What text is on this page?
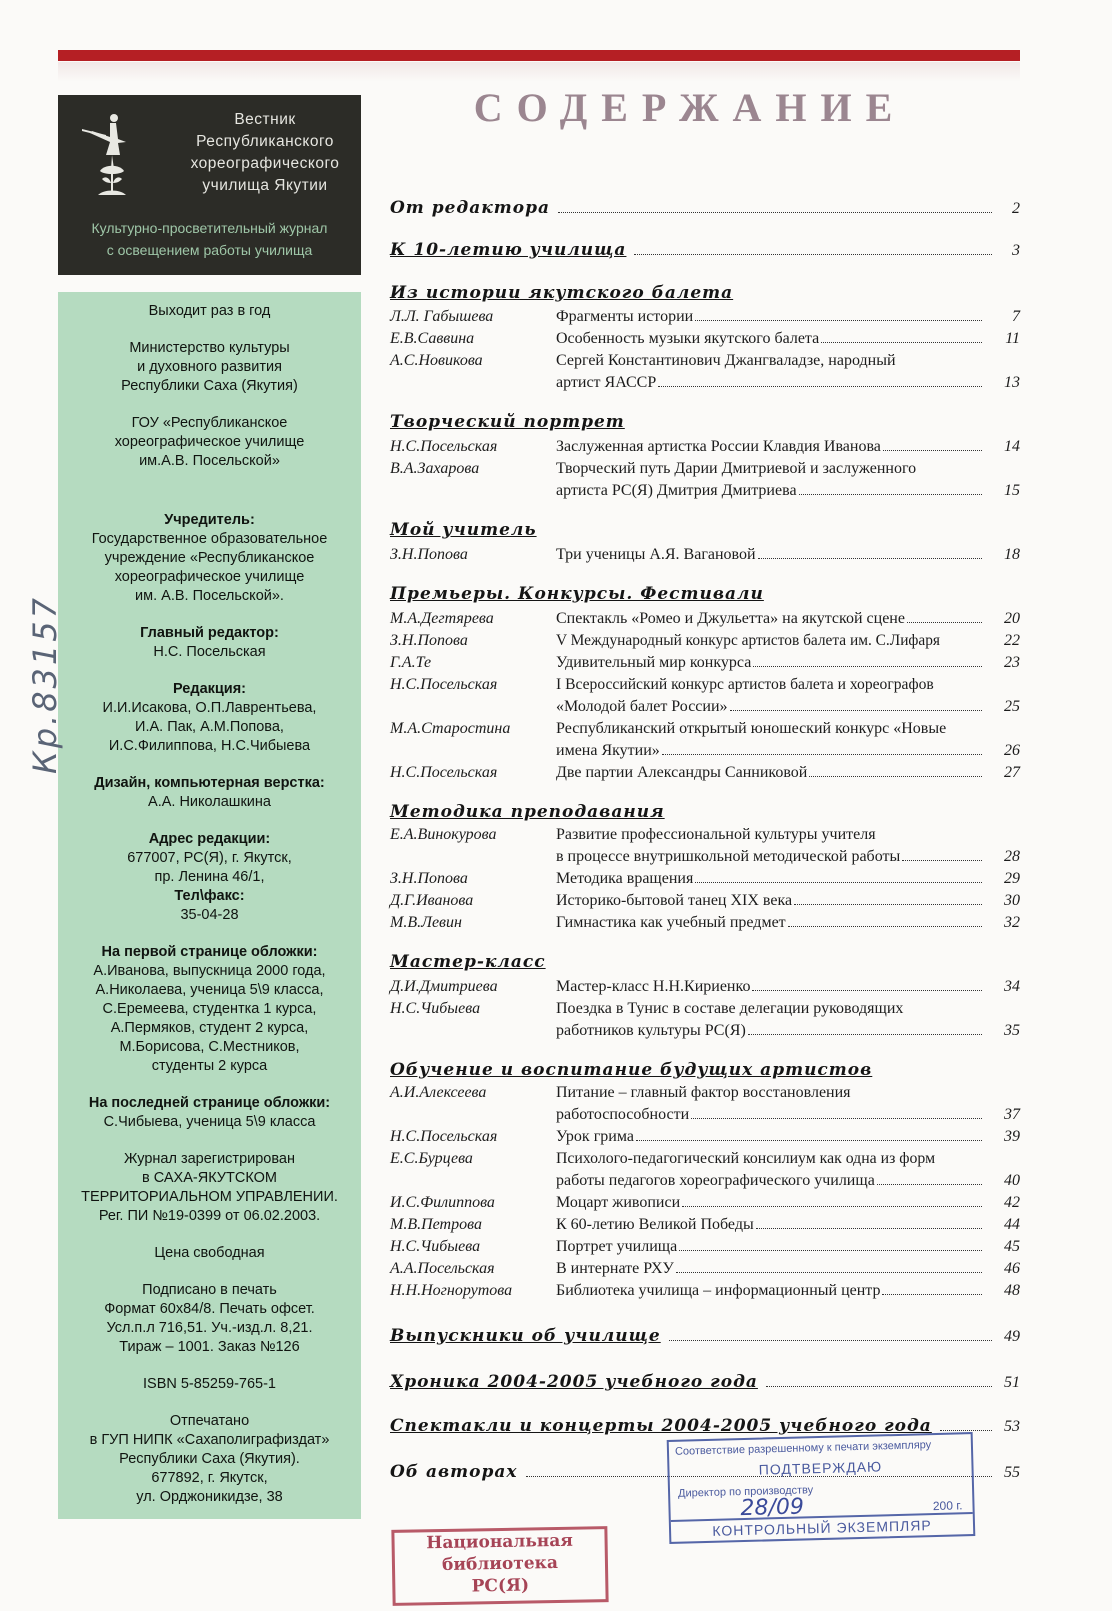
Вестник
Республиканского
хореографического
училища Якутии
Культурно-просветительный журнал
с освещением работы училища
Выходит раз в год
Министерство культуры
и духовного развития
Республики Саха (Якутия)
ГОУ «Республиканское
хореографическое училище
им.А.В. Посельской»
Учредитель:
Государственное образовательное
учреждение «Республиканское
хореографическое училище
им. А.В. Посельской».
Главный редактор:
Н.С. Посельская
Редакция:
И.И.Исакова, О.П.Лаврентьева,
И.А. Пак, А.М.Попова,
И.С.Филиппова, Н.С.Чибыева
Дизайн, компьютерная верстка:
А.А. Николашкина
Адрес редакции:
677007, РС(Я), г. Якутск,
пр. Ленина 46/1,
Тел\факс:
35-04-28
На первой странице обложки:
А.Иванова, выпускница 2000 года,
А.Николаева, ученица 5\9 класса,
С.Еремеева, студентка 1 курса,
А.Пермяков, студент 2 курса,
М.Борисова, С.Местников,
студенты 2 курса
На последней странице обложки:
С.Чибыева, ученица 5\9 класса
Журнал зарегистрирован
в САХА-ЯКУТСКОМ
ТЕРРИТОРИАЛЬНОМ УПРАВЛЕНИИ.
Рег. ПИ №19-0399 от 06.02.2003.
Цена свободная
Подписано в печать
Формат 60х84/8. Печать офсет.
Усл.п.л 716,51. Уч.-изд.л. 8,21.
Тираж – 1001. Заказ №126
ISBN 5-85259-765-1
Отпечатано
в ГУП НИПК «Сахаполиграфиздат»
Республики Саха (Якутия).
677892, г. Якутск,
ул. Орджоникидзе, 38
Кр.83157
СОДЕРЖАНИЕ
От редактора	2
К 10-летию училища	3
Из истории якутского балета
Л.Л. Габышева	Фрагменты истории	7
Е.В.Саввина	Особенность музыки якутского балета	11
А.С.Новикова	Сергей Константинович Джангваладзе, народный
артист ЯАССР	13
Творческий портрет
Н.С.Посельская	Заслуженная артистка России Клавдия Иванова	14
В.А.Захарова	Творческий путь Дарии Дмитриевой и заслуженного
артиста РС(Я) Дмитрия Дмитриева	15
Мой учитель
З.Н.Попова	Три ученицы А.Я. Вагановой	18
Премьеры. Конкурсы. Фестивали
М.А.Дегтярева	Спектакль «Ромео и Джульетта» на якутской сцене	20
З.Н.Попова	V Международный конкурс артистов балета им. С.Лифаря	22
Г.А.Те	Удивительный мир конкурса	23
Н.С.Посельская	I Всероссийский конкурс артистов балета и хореографов
«Молодой балет России»	25
М.А.Старостина	Республиканский открытый юношеский конкурс «Новые
имена Якутии»	26
Н.С.Посельская	Две партии Александры Санниковой	27
Методика преподавания
Е.А.Винокурова	Развитие профессиональной культуры учителя
в процессе внутришкольной методической работы	28
З.Н.Попова	Методика вращения	29
Д.Г.Иванова	Историко-бытовой танец XIX века	30
М.В.Левин	Гимнастика как учебный предмет	32
Мастер-класс
Д.И.Дмитриева	Мастер-класс Н.Н.Кириенко	34
Н.С.Чибыева	Поездка в Тунис в составе делегации руководящих
работников культуры РС(Я)	35
Обучение и воспитание будущих артистов
А.И.Алексеева	Питание – главный фактор восстановления
работоспособности	37
Н.С.Посельская	Урок грима	39
Е.С.Бурцева	Психолого-педагогический консилиум как одна из форм
работы педагогов хореографического училища	40
И.С.Филиппова	Моцарт живописи	42
М.В.Петрова	К 60-летию Великой Победы	44
Н.С.Чибыева	Портрет училища	45
А.А.Посельская	В интернате РХУ	46
Н.Н.Ногнорутова	Библиотека училища – информационный центр	48
Выпускники об училище	49
Хроника 2004-2005 учебного года	51
Спектакли и концерты 2004-2005 учебного года	53
Об авторах	55
Соответствие разрешенному к печати экземпляру
ПОДТВЕРЖДАЮ
Директор по производству
28/09	200 г.
КОНТРОЛЬНЫЙ ЭКЗЕМПЛЯР
Национальная
библиотека
РС(Я)
